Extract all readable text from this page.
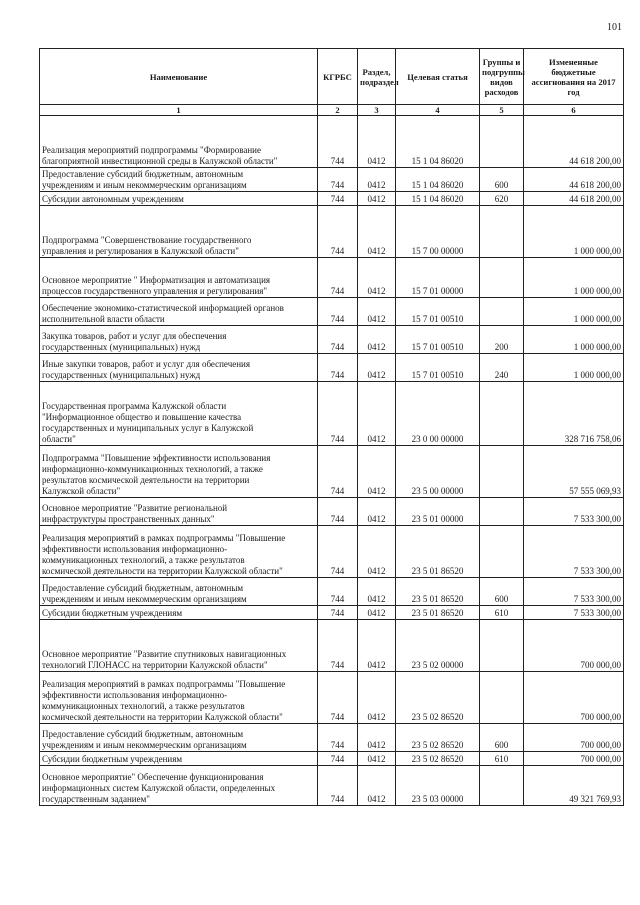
101
Наименование	КГРБС	Раздел, подраздел	Целевая статья	Группы и подгруппы видов расходов	Измененные бюджетные ассигнования на 2017 год
1	2	3	4	5	6
Реализация мероприятий подпрограммы "Формирование
благоприятной инвестиционной среды в Калужской области"	744	0412	15 1 04 86020		44 618 200,00
Предоставление субсидий бюджетным, автономным
учреждениям и иным некоммерческим организациям	744	0412	15 1 04 86020	600	44 618 200,00
Субсидии автономным учреждениям	744	0412	15 1 04 86020	620	44 618 200,00
Подпрограмма "Совершенствование государственного
управления и регулирования в Калужской области"	744	0412	15 7 00 00000		1 000 000,00
Основное мероприятие " Информатизация и автоматизация
процессов государственного управления и регулирования"	744	0412	15 7 01 00000		1 000 000,00
Обеспечение экономико-статистической информацией органов
исполнительной власти области	744	0412	15 7 01 00510		1 000 000,00
Закупка товаров, работ и услуг для обеспечения
государственных (муниципальных) нужд	744	0412	15 7 01 00510	200	1 000 000,00
Иные закупки товаров, работ и услуг для обеспечения
государственных (муниципальных) нужд	744	0412	15 7 01 00510	240	1 000 000,00
Государственная программа Калужской области
"Информационное общество и повышение качества
государственных и муниципальных услуг в Калужской
области"	744	0412	23 0 00 00000		328 716 758,06
Подпрограмма "Повышение эффективности использования
информационно-коммуникационных технологий, а также
результатов космической деятельности на территории
Калужской области"	744	0412	23 5 00 00000		57 555 069,93
Основное мероприятие "Развитие региональной
инфраструктуры пространственных данных"	744	0412	23 5 01 00000		7 533 300,00
Реализация мероприятий в рамках подпрограммы "Повышение
эффективности использования информационно-
коммуникационных технологий, а также результатов
космической деятельности на территории Калужской области"	744	0412	23 5 01 86520		7 533 300,00
Предоставление субсидий бюджетным, автономным
учреждениям и иным некоммерческим организациям	744	0412	23 5 01 86520	600	7 533 300,00
Субсидии бюджетным учреждениям	744	0412	23 5 01 86520	610	7 533 300,00
Основное мероприятие "Развитие спутниковых навигационных
технологий ГЛОНАСС на территории Калужской области"	744	0412	23 5 02 00000		700 000,00
Реализация мероприятий в рамках подпрограммы "Повышение
эффективности использования информационно-
коммуникационных технологий, а также результатов
космической деятельности на территории Калужской области"	744	0412	23 5 02 86520		700 000,00
Предоставление субсидий бюджетным, автономным
учреждениям и иным некоммерческим организациям	744	0412	23 5 02 86520	600	700 000,00
Субсидии бюджетным учреждениям	744	0412	23 5 02 86520	610	700 000,00
Основное мероприятие" Обеспечение функционирования
информационных систем Калужской области, определенных
государственным заданием"	744	0412	23 5 03 00000		49 321 769,93
